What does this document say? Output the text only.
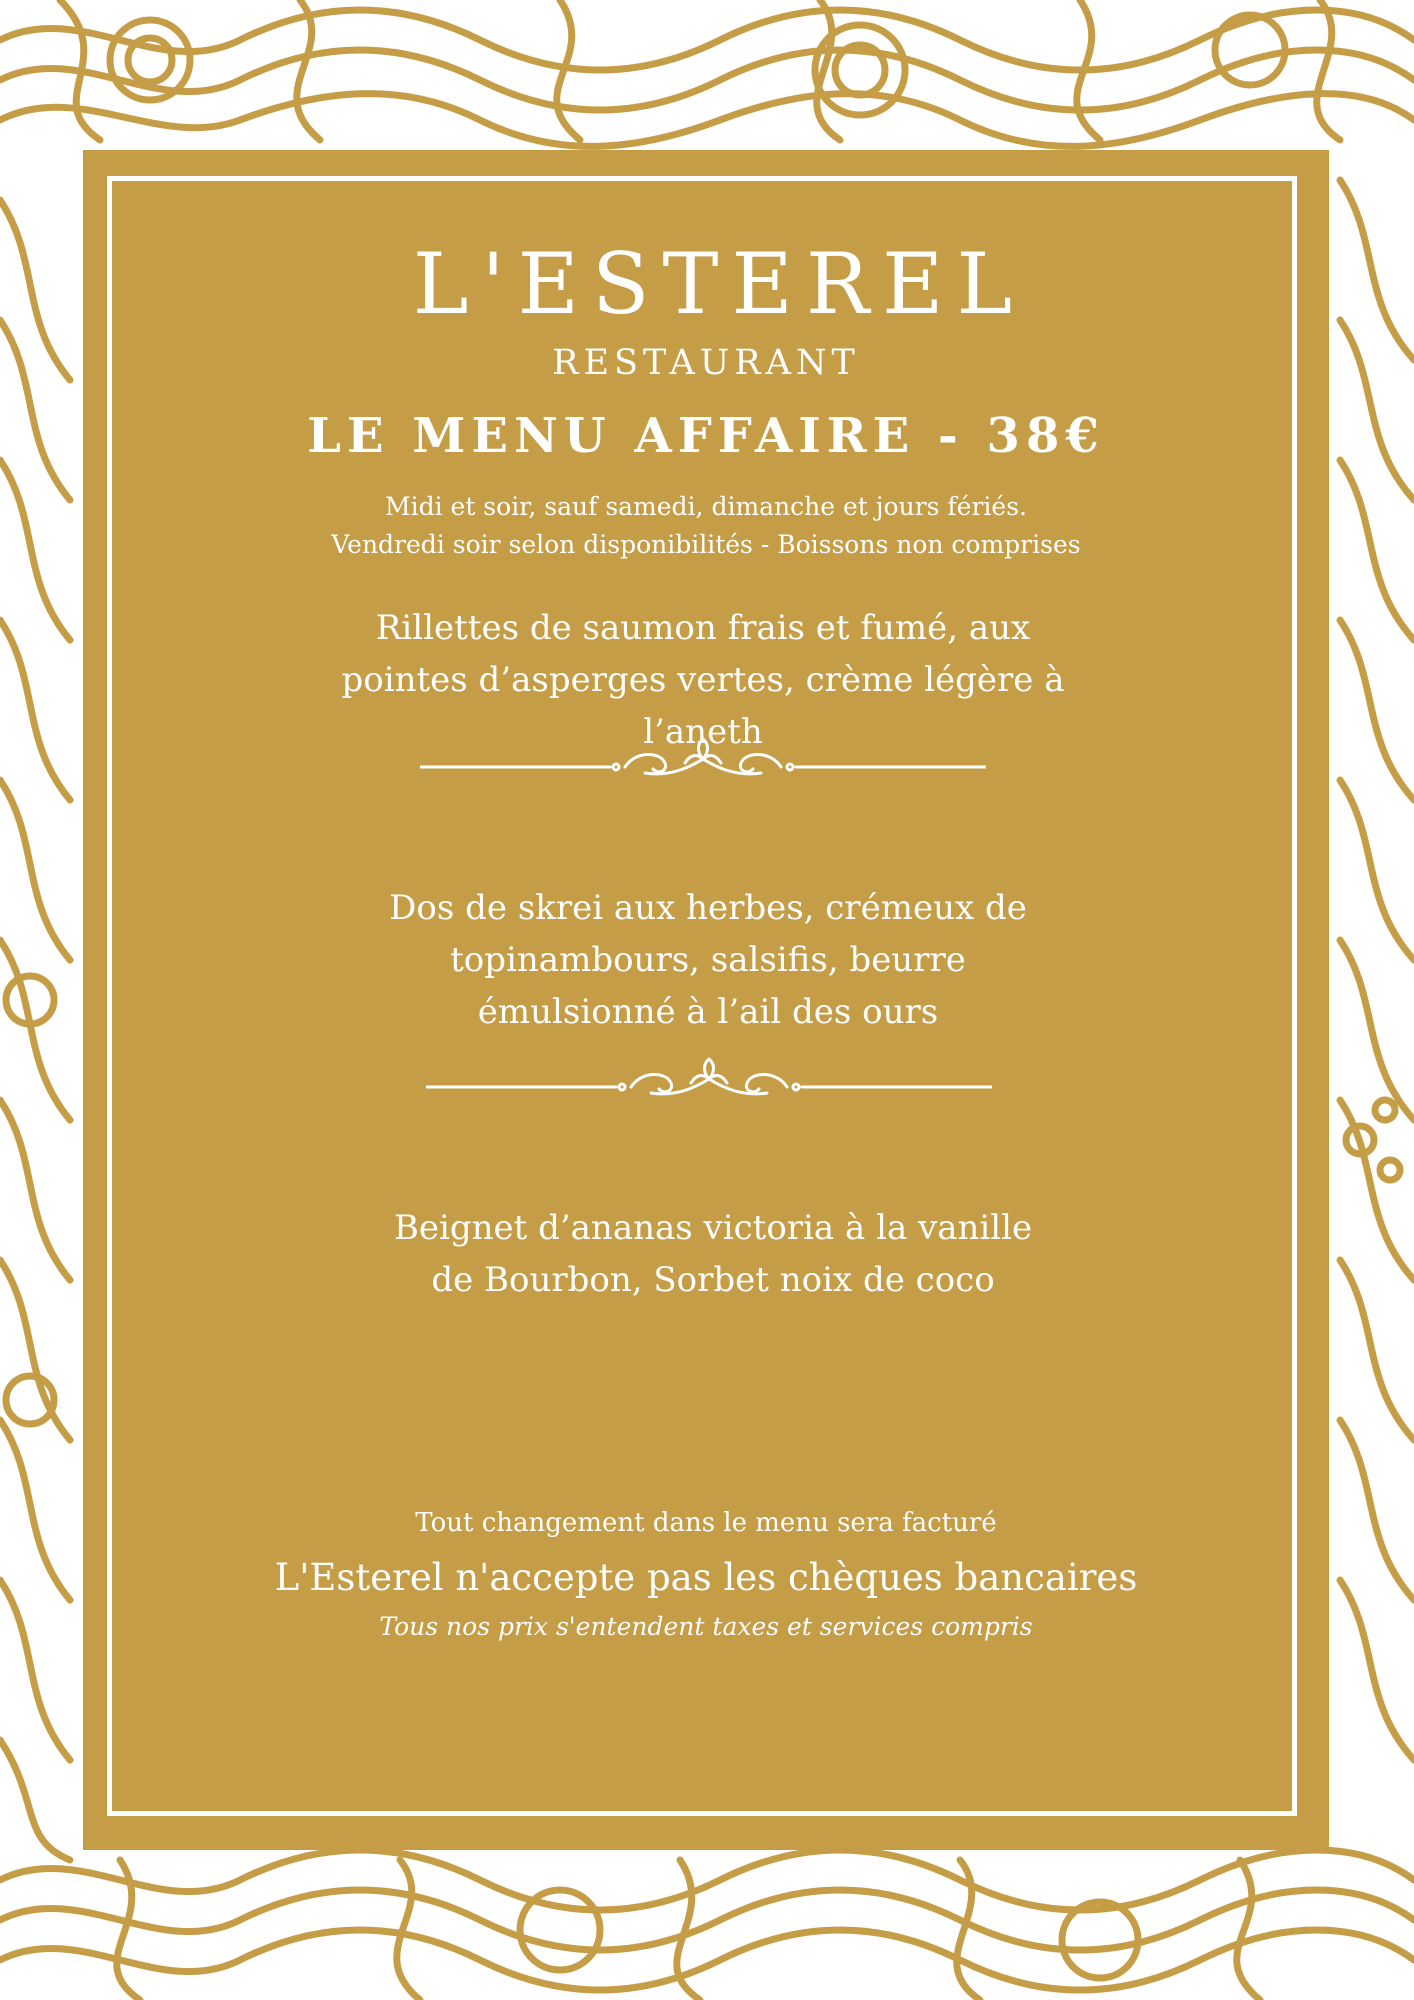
L'ESTEREL
RESTAURANT
LE MENU AFFAIRE - 38€
Midi et soir, sauf samedi, dimanche et jours fériés.
Vendredi soir selon disponibilités - Boissons non comprises
Rillettes de saumon frais et fumé, aux
pointes d’asperges vertes, crème légère à
l’aneth
Dos de skrei aux herbes, crémeux de
topinambours, salsifis, beurre
émulsionné à l’ail des ours
Beignet d’ananas victoria à la vanille
de Bourbon, Sorbet noix de coco
Tout changement dans le menu sera facturé
L'Esterel n'accepte pas les chèques bancaires
Tous nos prix s'entendent taxes et services compris
